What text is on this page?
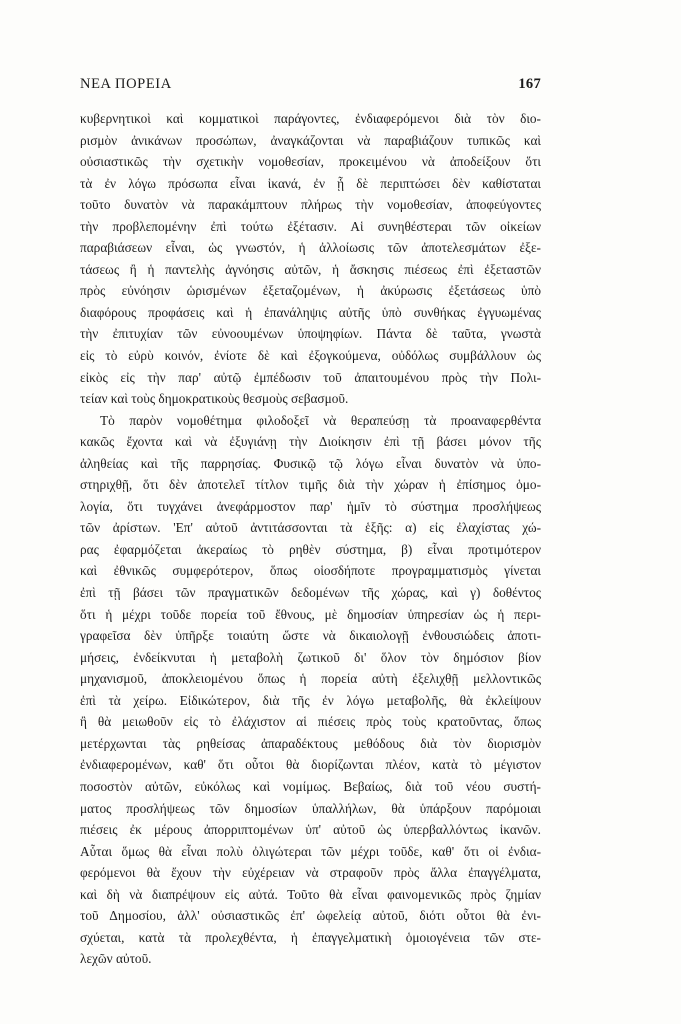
ΝΕΑ ΠΟΡΕΙΑ	167
κυβερνητικοὶ καὶ κομματικοὶ παράγοντες, ἐνδιαφερόμενοι διὰ τὸν διο-
ρισμὸν ἀνικάνων προσώπων, ἀναγκάζονται νὰ παραβιάζουν τυπικῶς καὶ
οὐσιαστικῶς τὴν σχετικὴν νομοθεσίαν, προκειμένου νὰ ἀποδείξουν ὅτι
τὰ ἐν λόγω πρόσωπα εἶναι ἱκανά, ἐν ᾗ δὲ περιπτώσει δὲν καθίσταται
τοῦτο δυνατὸν νὰ παρακάμπτουν πλήρως τὴν νομοθεσίαν, ἀποφεύγοντες
τὴν προβλεπομένην ἐπὶ τούτω ἐξέτασιν. Αἱ συνηθέστεραι τῶν οἰκείων
παραβιάσεων εἶναι, ὡς γνωστόν, ἡ ἀλλοίωσις τῶν ἀποτελεσμάτων ἐξε-
τάσεως ἢ ἡ παντελὴς ἀγνόησις αὐτῶν, ἡ ἄσκησις πιέσεως ἐπὶ ἐξεταστῶν
πρὸς εὐνόησιν ὡρισμένων ἐξεταζομένων, ἡ ἀκύρωσις ἐξετάσεως ὑπὸ
διαφόρους προφάσεις καὶ ἡ ἐπανάληψις αὐτῆς ὑπὸ συνθήκας ἐγγυωμένας
τὴν ἐπιτυχίαν τῶν εὐνοουμένων ὑποψηφίων. Πάντα δὲ ταῦτα, γνωστὰ
εἰς τὸ εὐρὺ κοινόν, ἐνίοτε δὲ καὶ ἐξογκούμενα, οὐδόλως συμβάλλουν ὡς
εἰκὸς εἰς τὴν παρ' αὐτῷ ἐμπέδωσιν τοῦ ἀπαιτουμένου πρὸς τὴν Πολι-
τείαν καὶ τοὺς δημοκρατικοὺς θεσμοὺς σεβασμοῦ.
Τὸ παρὸν νομοθέτημα φιλοδοξεῖ νὰ θεραπεύσῃ τὰ προαναφερθέντα
κακῶς ἔχοντα καὶ νὰ ἐξυγιάνῃ τὴν Διοίκησιν ἐπὶ τῇ βάσει μόνον τῆς
ἀληθείας καὶ τῆς παρρησίας. Φυσικῷ τῷ λόγω εἶναι δυνατὸν νὰ ὑπο-
στηριχθῇ, ὅτι δὲν ἀποτελεῖ τίτλον τιμῆς διὰ τὴν χώραν ἡ ἐπίσημος ὁμο-
λογία, ὅτι τυγχάνει ἀνεφάρμοστον παρ' ἡμῖν τὸ σύστημα προσλήψεως
τῶν ἀρίστων. 'Επ' αὐτοῦ ἀντιτάσσονται τὰ ἑξῆς: α) εἰς ἐλαχίστας χώ-
ρας ἐφαρμόζεται ἀκεραίως τὸ ρηθὲν σύστημα, β) εἶναι προτιμότερον
καὶ ἐθνικῶς συμφερότερον, ὅπως οἱοσδήποτε προγραμματισμὸς γίνεται
ἐπὶ τῇ βάσει τῶν πραγματικῶν δεδομένων τῆς χώρας, καὶ γ) δοθέντος
ὅτι ἡ μέχρι τοῦδε πορεία τοῦ ἔθνους, μὲ δημοσίαν ὑπηρεσίαν ὡς ἡ περι-
γραφεῖσα δὲν ὑπῆρξε τοιαύτη ὥστε νὰ δικαιολογῇ ἐνθουσιώδεις ἀποτι-
μήσεις, ἐνδείκνυται ἡ μεταβολὴ ζωτικοῦ δι' ὅλον τὸν δημόσιον βίον
μηχανισμοῦ, ἀποκλειομένου ὅπως ἡ πορεία αὐτὴ ἐξελιχθῇ μελλοντικῶς
ἐπὶ τὰ χείρω. Εἰδικώτερον, διὰ τῆς ἐν λόγω μεταβολῆς, θὰ ἐκλείψουν
ἢ θὰ μειωθοῦν εἰς τὸ ἐλάχιστον αἱ πιέσεις πρὸς τοὺς κρατοῦντας, ὅπως
μετέρχωνται τὰς ρηθείσας ἀπαραδέκτους μεθόδους διὰ τὸν διορισμὸν
ἐνδιαφερομένων, καθ' ὅτι οὗτοι θὰ διορίζωνται πλέον, κατὰ τὸ μέγιστον
ποσοστὸν αὐτῶν, εὐκόλως καὶ νομίμως. Βεβαίως, διὰ τοῦ νέου συστή-
ματος προσλήψεως τῶν δημοσίων ὑπαλλήλων, θὰ ὑπάρξουν παρόμοιαι
πιέσεις ἐκ μέρους ἀπορριπτομένων ὑπ' αὐτοῦ ὡς ὑπερβαλλόντως ἱκανῶν.
Αὗται ὅμως θὰ εἶναι πολὺ ὀλιγώτεραι τῶν μέχρι τοῦδε, καθ' ὅτι οἱ ἐνδια-
φερόμενοι θὰ ἔχουν τὴν εὐχέρειαν νὰ στραφοῦν πρὸς ἄλλα ἐπαγγέλματα,
καὶ δὴ νὰ διαπρέψουν εἰς αὐτά. Τοῦτο θὰ εἶναι φαινομενικῶς πρὸς ζημίαν
τοῦ Δημοσίου, ἀλλ' οὐσιαστικῶς ἐπ' ὠφελείᾳ αὐτοῦ, διότι οὗτοι θὰ ἐνι-
σχύεται, κατὰ τὰ προλεχθέντα, ἡ ἐπαγγελματικὴ ὁμοιογένεια τῶν στε-
λεχῶν αὐτοῦ.
